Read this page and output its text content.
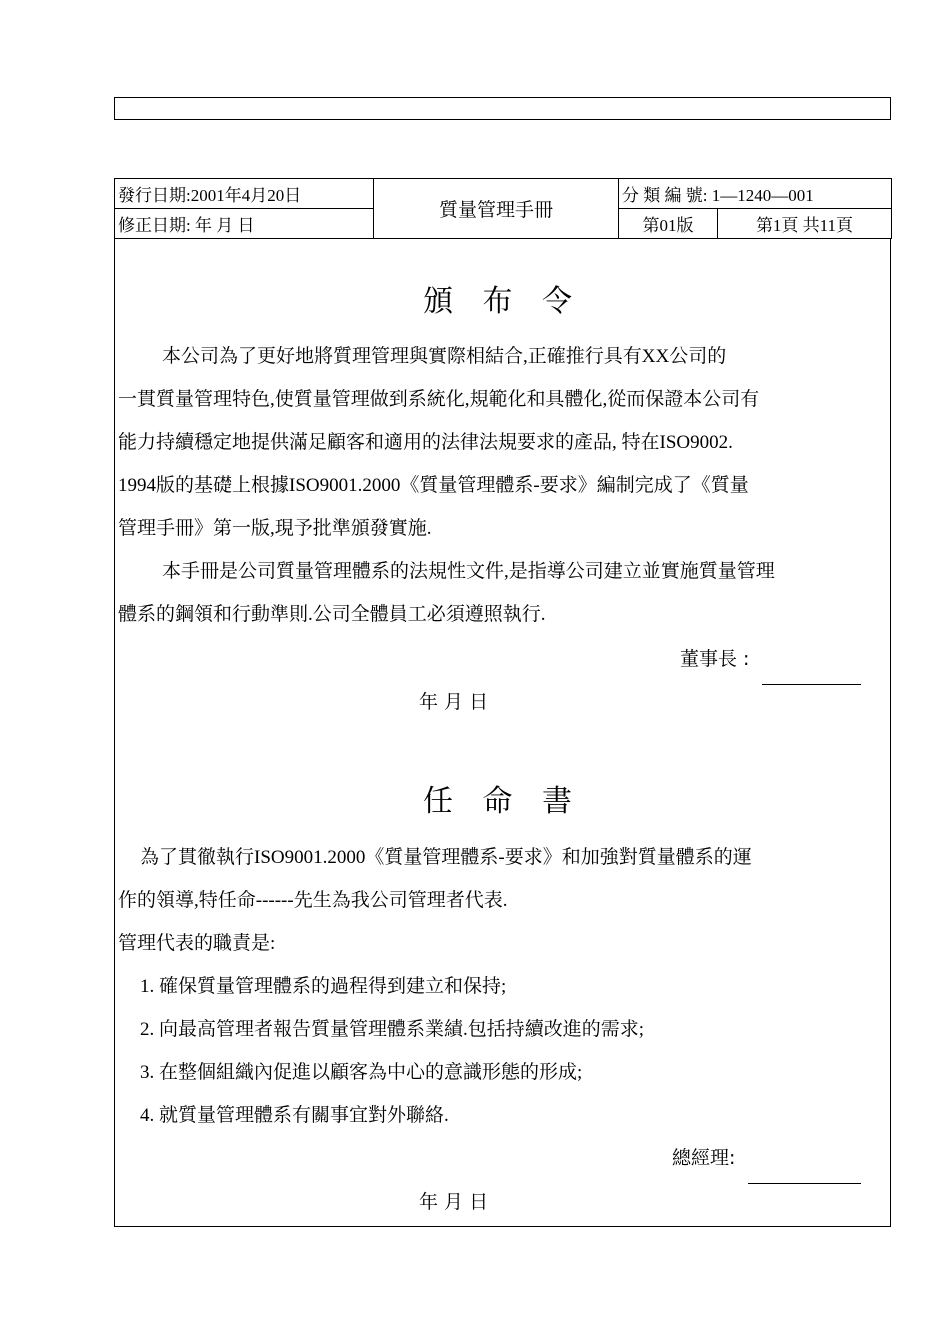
發行日期:2001年4月20日	質量管理手冊	分 類 編 號: 1—1240—001	
修正日期: 年 月 日		第01版	第1頁 共11頁
頒 布 令
本公司為了更好地將質理管理與實際相結合,正確推行具有XX公司的
一貫質量管理特色,使質量管理做到系統化,規範化和具體化,從而保證本公司有
能力持續穩定地提供滿足顧客和適用的法律法規要求的產品, 特在ISO9002.
1994版的基礎上根據ISO9001.2000《質量管理體系-要求》編制完成了《質量
管理手冊》第一版,現予批準頒發實施.
本手冊是公司質量管理體系的法規性文件,是指導公司建立並實施質量管理
體系的鋼領和行動準則.公司全體員工必須遵照執行.
董事長 :
年 月 日
任 命 書
為了貫徹執行ISO9001.2000《質量管理體系-要求》和加強對質量體系的運
作的領導,特任命------先生為我公司管理者代表.
管理代表的職責是:
1. 確保質量管理體系的過程得到建立和保持;
2. 向最高管理者報告質量管理體系業績.包括持續改進的需求;
3. 在整個組織內促進以顧客為中心的意識形態的形成;
4. 就質量管理體系有關事宜對外聯絡.
總經理:
年 月 日
